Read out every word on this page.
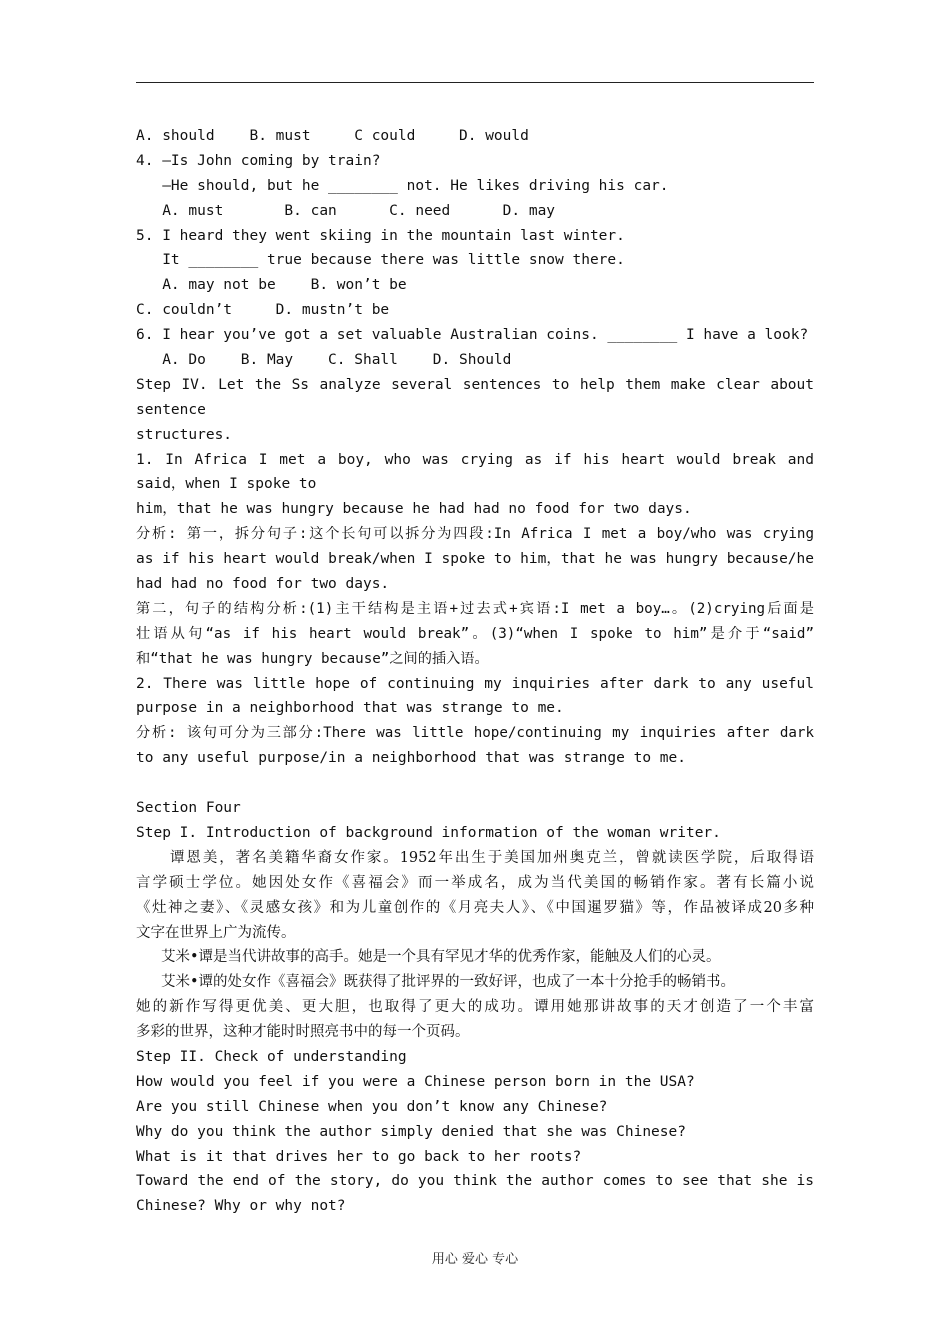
A. should    B. must     C could     D. would
4. —Is John coming by train?
—He should, but he ________ not. He likes driving his car.
A. must       B. can      C. need      D. may
5. I heard they went skiing in the mountain last winter.
It ________ true because there was little snow there.
A. may not be    B. won’t be
C. couldn’t     D. mustn’t be
6. I hear you’ve got a set valuable Australian coins. ________ I have a look?
A. Do    B. May    C. Shall    D. Should
Step IV. Let the Ss analyze several sentences to help them make clear about
sentence
structures.
1. In Africa I met a boy, who was crying as if his heart would break and
said，when I spoke to
him，that he was hungry because he had had no food for two days.
分析: 第一，拆分句子:这个长句可以拆分为四段:In Africa I met a boy/who was crying
as if his heart would break/when I spoke to him，that he was hungry because/he
had had no food for two days.
第二，句子的结构分析:(1)主干结构是主语+过去式+宾语:I met a boy…。(2)crying后面是
壮语从句“as if his heart would break”。(3)“when I spoke to him”是介于“said”
和“that he was hungry because”之间的插入语。
2. There was little hope of continuing my inquiries after dark to any useful
purpose in a neighborhood that was strange to me.
分析: 该句可分为三部分:There was little hope/continuing my inquiries after dark
to any useful purpose/in a neighborhood that was strange to me.
Section Four
Step I. Introduction of background information of the woman writer.
谭恩美，著名美籍华裔女作家。1952年出生于美国加州奥克兰，曾就读医学院，后取得语
言学硕士学位。她因处女作《喜福会》而一举成名，成为当代美国的畅销作家。著有长篇小说
《灶神之妻》、《灵感女孩》和为儿童创作的《月亮夫人》、《中国暹罗猫》等，作品被译成20多种
文字在世界上广为流传。
艾米•谭是当代讲故事的高手。她是一个具有罕见才华的优秀作家，能触及人们的心灵。
艾米•谭的处女作《喜福会》既获得了批评界的一致好评，也成了一本十分抢手的畅销书。
她的新作写得更优美、更大胆，也取得了更大的成功。谭用她那讲故事的天才创造了一个丰富
多彩的世界，这种才能时时照亮书中的每一个页码。
Step II. Check of understanding
How would you feel if you were a Chinese person born in the USA?
Are you still Chinese when you don’t know any Chinese?
Why do you think the author simply denied that she was Chinese?
What is it that drives her to go back to her roots?
Toward the end of the story, do you think the author comes to see that she is
Chinese? Why or why not?
用心 爱心 专心
